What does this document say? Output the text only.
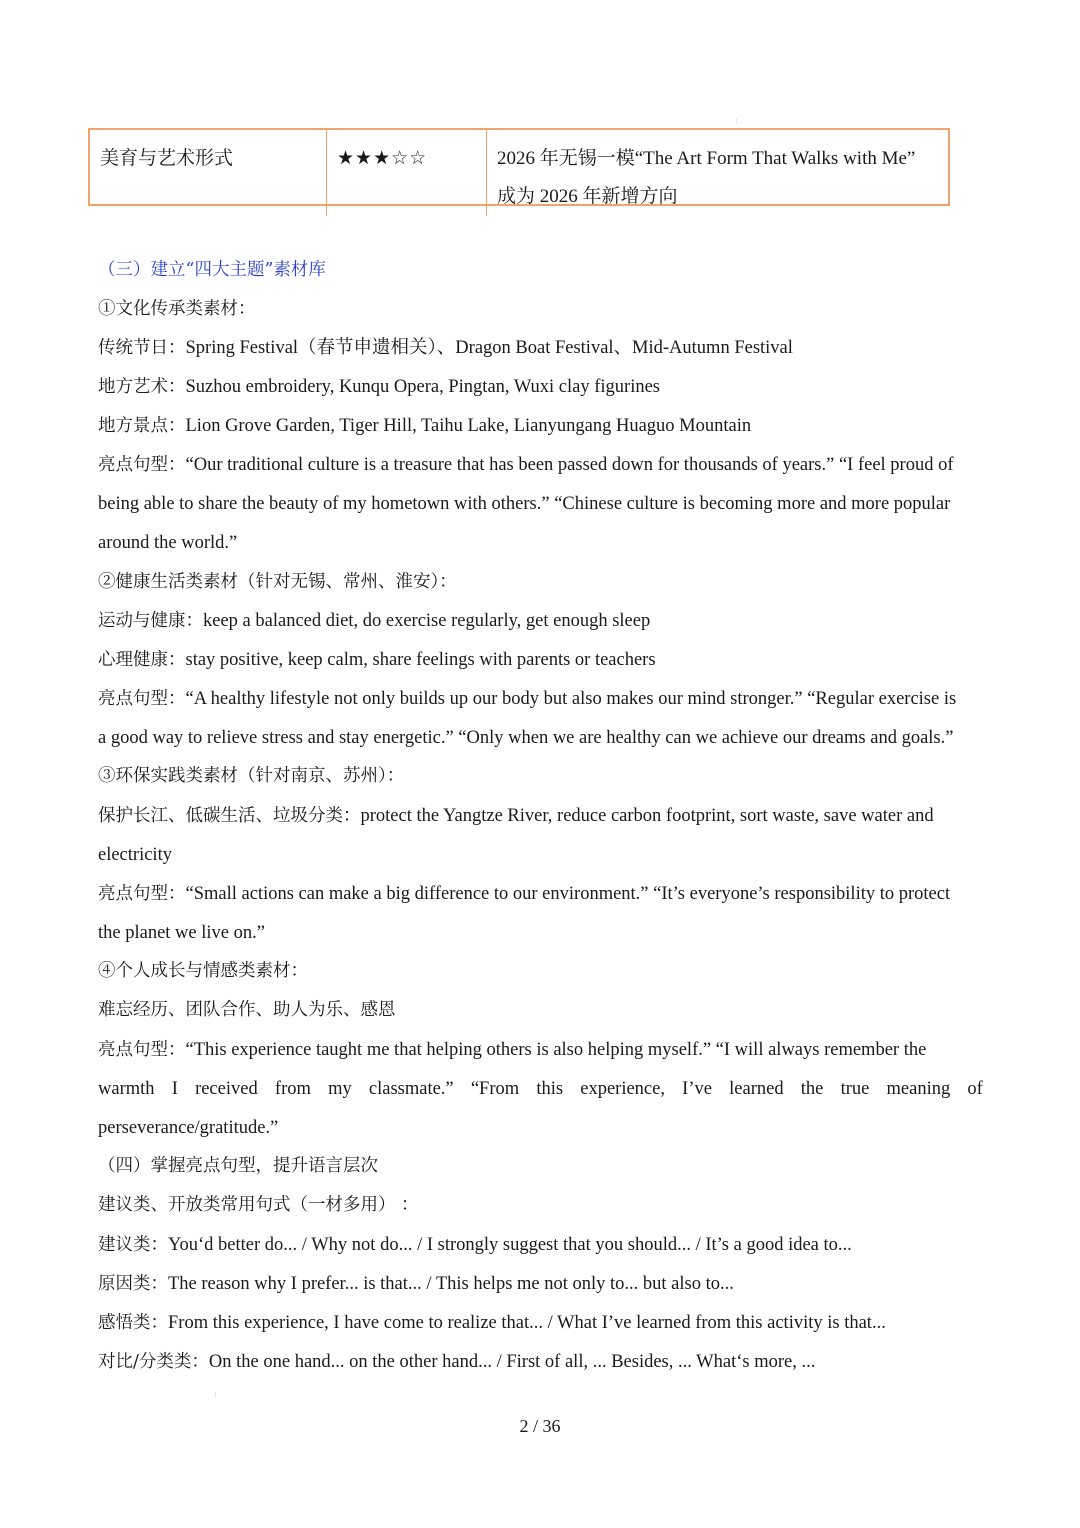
美育与艺术形式	★★★☆☆	2026 年无锡一模“The Art Form That Walks with Me”
成为 2026 年新增方向
（三）建立“四大主题”素材库
①文化传承类素材：
传统节日：Spring Festival（春节申遗相关）、Dragon Boat Festival、Mid-Autumn Festival
地方艺术：Suzhou embroidery, Kunqu Opera, Pingtan, Wuxi clay figurines
地方景点：Lion Grove Garden, Tiger Hill, Taihu Lake, Lianyungang Huaguo Mountain
亮点句型：“Our traditional culture is a treasure that has been passed down for thousands of years.” “I feel proud of
being able to share the beauty of my hometown with others.” “Chinese culture is becoming more and more popular
around the world.”
②健康生活类素材（针对无锡、常州、淮安）：
运动与健康：keep a balanced diet, do exercise regularly, get enough sleep
心理健康：stay positive, keep calm, share feelings with parents or teachers
亮点句型：“A healthy lifestyle not only builds up our body but also makes our mind stronger.” “Regular exercise is
a good way to relieve stress and stay energetic.” “Only when we are healthy can we achieve our dreams and goals.”
③环保实践类素材（针对南京、苏州）：
保护长江、低碳生活、垃圾分类：protect the Yangtze River, reduce carbon footprint, sort waste, save water and
electricity
亮点句型：“Small actions can make a big difference to our environment.” “It’s everyone’s responsibility to protect
the planet we live on.”
④个人成长与情感类素材：
难忘经历、团队合作、助人为乐、感恩
亮点句型：“This experience taught me that helping others is also helping myself.” “I will always remember the
warmth I received from my classmate.” “From this experience, I’ve learned the true meaning of
perseverance/gratitude.”
（四）掌握亮点句型，提升语言层次
建议类、开放类常用句式（一材多用） ：
建议类：You‘d better do... / Why not do... / I strongly suggest that you should... / It’s a good idea to...
原因类：The reason why I prefer... is that... / This helps me not only to... but also to...
感悟类：From this experience, I have come to realize that... / What I’ve learned from this activity is that...
对比/分类类：On the one hand... on the other hand... / First of all, ... Besides, ... What‘s more, ...
2 / 36
